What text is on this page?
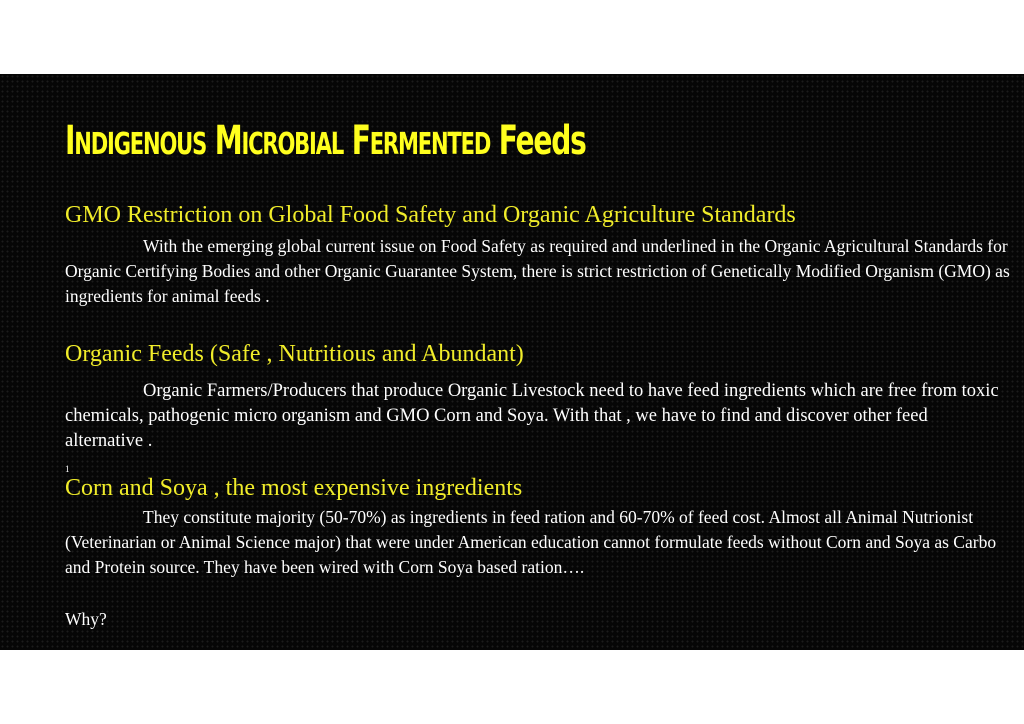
INDIGENOUS MICROBIAL FERMENTED Feeds
GMO Restriction on Global Food Safety and Organic Agriculture Standards

With the emerging global current issue on Food Safety as required and underlined in the Organic Agricultural Standards for Organic Certifying Bodies and other Organic Guarantee System, there is strict restriction of Genetically Modified Organism (GMO) as ingredients for animal feeds .

Organic Feeds (Safe , Nutritious and Abundant)

Organic Farmers/Producers that produce Organic Livestock need to have feed ingredients which are free from toxic chemicals, pathogenic micro organism and GMO Corn and Soya. With that , we have to find and discover other feed alternative .

1
Corn and Soya , the most expensive ingredients

They constitute majority (50-70%) as ingredients in feed ration and 60-70% of feed cost. Almost all Animal Nutrionist (Veterinarian or Animal Science major) that were under American education cannot formulate feeds without Corn and Soya as Carbo and Protein source. They have been wired with Corn Soya based ration….

Why?
